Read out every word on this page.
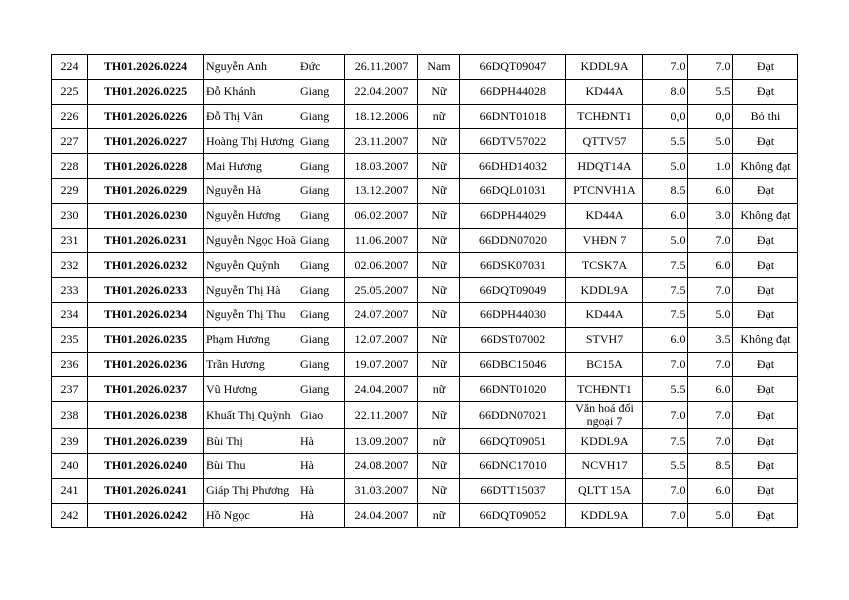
224	TH01.2026.0224	Nguyễn Anh	Đức	26.11.2007	Nam	66DQT09047	KDDL9A	7.0	7.0	Đạt
225	TH01.2026.0225	Đỗ Khánh	Giang	22.04.2007	Nữ	66DPH44028	KD44A	8.0	5.5	Đạt
226	TH01.2026.0226	Đỗ Thị Vân	Giang	18.12.2006	nữ	66DNT01018	TCHĐNT1	0,0	0,0	Bỏ thi
227	TH01.2026.0227	Hoàng Thị Hương	Giang	23.11.2007	Nữ	66DTV57022	QTTV57	5.5	5.0	Đạt
228	TH01.2026.0228	Mai Hương	Giang	18.03.2007	Nữ	66DHD14032	HDQT14A	5.0	1.0	Không đạt
229	TH01.2026.0229	Nguyễn Hà	Giang	13.12.2007	Nữ	66DQL01031	PTCNVH1A	8.5	6.0	Đạt
230	TH01.2026.0230	Nguyễn Hương	Giang	06.02.2007	Nữ	66DPH44029	KD44A	6.0	3.0	Không đạt
231	TH01.2026.0231	Nguyễn Ngọc Hoà	Giang	11.06.2007	Nữ	66DDN07020	VHĐN 7	5.0	7.0	Đạt
232	TH01.2026.0232	Nguyễn Quỳnh	Giang	02.06.2007	Nữ	66DSK07031	TCSK7A	7.5	6.0	Đạt
233	TH01.2026.0233	Nguyễn Thị Hà	Giang	25.05.2007	Nữ	66DQT09049	KDDL9A	7.5	7.0	Đạt
234	TH01.2026.0234	Nguyễn Thị Thu	Giang	24.07.2007	Nữ	66DPH44030	KD44A	7.5	5.0	Đạt
235	TH01.2026.0235	Phạm Hương	Giang	12.07.2007	Nữ	66DST07002	STVH7	6.0	3.5	Không đạt
236	TH01.2026.0236	Trần Hương	Giang	19.07.2007	Nữ	66DBC15046	BC15A	7.0	7.0	Đạt
237	TH01.2026.0237	Vũ Hương	Giang	24.04.2007	nữ	66DNT01020	TCHĐNT1	5.5	6.0	Đạt
238	TH01.2026.0238	Khuất Thị Quỳnh	Giao	22.11.2007	Nữ	66DDN07021	Văn hoá đối ngoại 7	7.0	7.0	Đạt
239	TH01.2026.0239	Bùi Thị	Hà	13.09.2007	nữ	66DQT09051	KDDL9A	7.5	7.0	Đạt
240	TH01.2026.0240	Bùi Thu	Hà	24.08.2007	Nữ	66DNC17010	NCVH17	5.5	8.5	Đạt
241	TH01.2026.0241	Giáp Thị Phương	Hà	31.03.2007	Nữ	66DTT15037	QLTT 15A	7.0	6.0	Đạt
242	TH01.2026.0242	Hồ Ngọc	Hà	24.04.2007	nữ	66DQT09052	KDDL9A	7.0	5.0	Đạt
